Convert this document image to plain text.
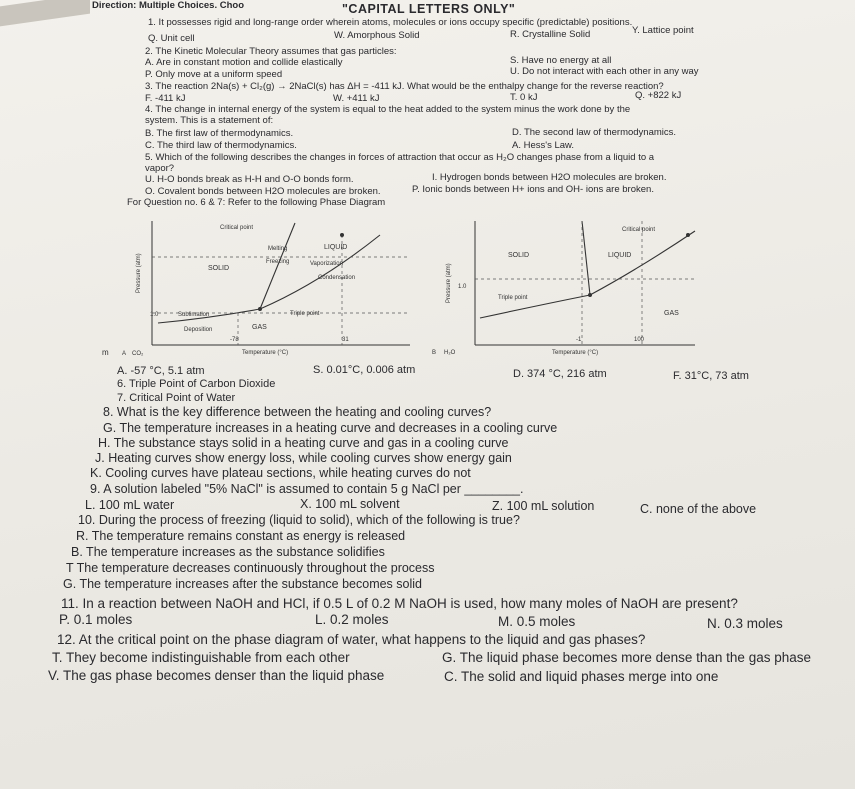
Direction: Multiple Choices. Choo	"CAPITAL LETTERS ONLY"
1. It possesses rigid and long-range order wherein atoms, molecules or ions occupy specific (predictable) positions.
Q. Unit cell	W. Amorphous Solid	R. Crystalline Solid	Y. Lattice point
2. The Kinetic Molecular Theory assumes that gas particles:
A. Are in constant motion and collide elastically	S. Have no energy at all
P. Only move at a uniform speed	U. Do not interact with each other in any way
3. The reaction 2Na(s) + Cl₂(g) → 2NaCl(s) has ΔH = -411 kJ. What would be the enthalpy change for the reverse reaction?
F. -411 kJ	W. +411 kJ	T. 0 kJ	Q. +822 kJ
4. The change in internal energy of the system is equal to the heat added to the system minus the work done by the
system. This is a statement of:
B. The first law of thermodynamics.	D. The second law of thermodynamics.
C. The third law of thermodynamics.	A. Hess's Law.
5. Which of the following describes the changes in forces of attraction that occur as H₂O changes phase from a liquid to a
vapor?
U. H-O bonds break as H-H and O-O bonds form.	I. Hydrogen bonds between H2O molecules are broken.
O. Covalent bonds between H2O molecules are broken.	P. Ionic bonds between H+ ions and OH- ions are broken.
For Question no. 6 & 7: Refer to the following Phase Diagram
Pressure (atm)
Critical point
Melting
Freezing
LIQUID
SOLID
Vaporization
Condensation
1.0	Sublimation
Deposition	GAS
Triple point
-78	31
Temperature (°C)
m A CO₂
Pressure (atm)
Critical point
SOLID	LIQUID
GAS
Triple point
1.0
-1	100
Temperature (°C)
B H₂O
A. -57 °C, 5.1 atm	S. 0.01°C, 0.006 atm	D. 374 °C, 216 atm	F. 31°C, 73 atm
6. Triple Point of Carbon Dioxide
7. Critical Point of Water
8. What is the key difference between the heating and cooling curves?
G. The temperature increases in a heating curve and decreases in a cooling curve
H. The substance stays solid in a heating curve and gas in a cooling curve
J. Heating curves show energy loss, while cooling curves show energy gain
K. Cooling curves have plateau sections, while heating curves do not
9. A solution labeled "5% NaCl" is assumed to contain 5 g NaCl per ________.
L. 100 mL water	X. 100 mL solvent	Z. 100 mL solution	C. none of the above
10. During the process of freezing (liquid to solid), which of the following is true?
R. The temperature remains constant as energy is released
B. The temperature increases as the substance solidifies
T The temperature decreases continuously throughout the process
G. The temperature increases after the substance becomes solid
11. In a reaction between NaOH and HCl, if 0.5 L of 0.2 M NaOH is used, how many moles of NaOH are present?
P. 0.1 moles	L. 0.2 moles	M. 0.5 moles	N. 0.3 moles
12. At the critical point on the phase diagram of water, what happens to the liquid and gas phases?
T. They become indistinguishable from each other	G. The liquid phase becomes more dense than the gas phase
V. The gas phase becomes denser than the liquid phase	C. The solid and liquid phases merge into one
